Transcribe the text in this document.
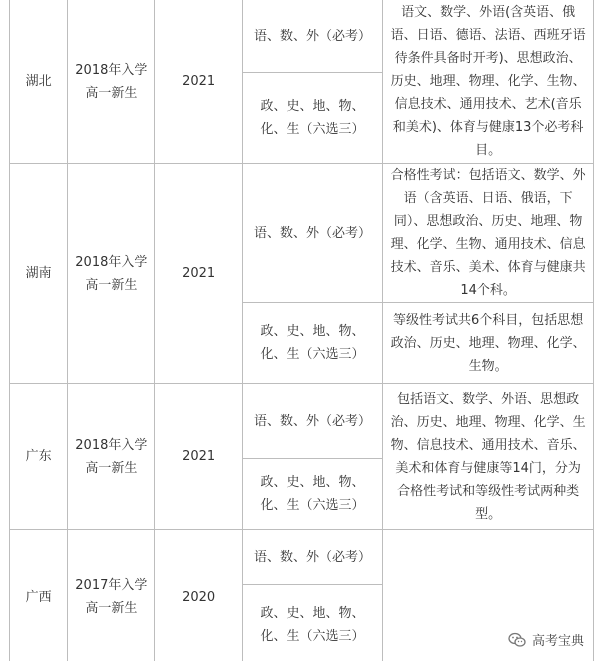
湖北	2018年入学
高一新生	2021	语、数、外（必考）	语文、数学、外语(含英语、俄语、日语、德语、法语、西班牙语待条件具备时开考)、思想政治、历史、地理、物理、化学、生物、信息技术、通用技术、艺术(音乐和美术)、体育与健康13个必考科目。
			政、史、地、物、化、生（六选三）	
湖南	2018年入学
高一新生	2021	语、数、外（必考）	合格性考试：包括语文、数学、外语（含英语、日语、俄语，下同）、思想政治、历史、地理、物理、化学、生物、通用技术、信息技术、音乐、美术、体育与健康共14个科。
			政、史、地、物、化、生（六选三）	等级性考试共6个科目，包括思想政治、历史、地理、物理、化学、生物。
广东	2018年入学
高一新生	2021	语、数、外（必考）	包括语文、数学、外语、思想政治、历史、地理、物理、化学、生物、信息技术、通用技术、音乐、美术和体育与健康等14门，分为合格性考试和等级性考试两种类型。
			政、史、地、物、化、生（六选三）	
广西	2017年入学
高一新生	2020	语、数、外（必考）	
			政、史、地、物、化、生（六选三）		高考宝典
